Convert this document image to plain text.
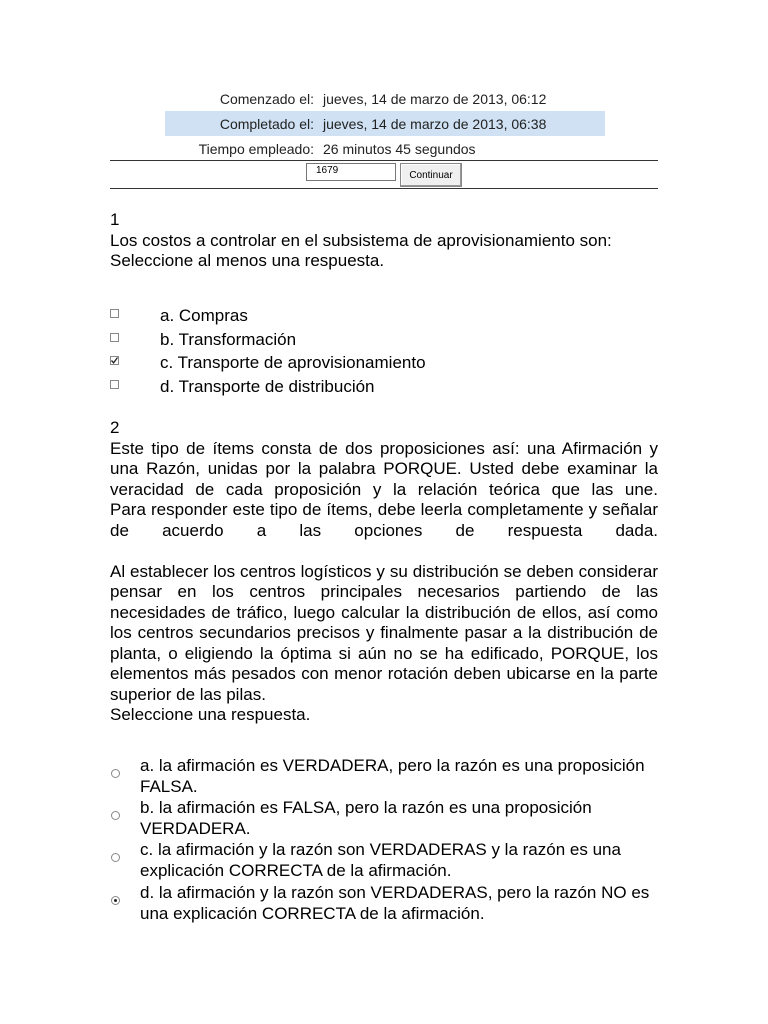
Comenzado el: jueves, 14 de marzo de 2013, 06:12
Completado el: jueves, 14 de marzo de 2013, 06:38
Tiempo empleado: 26 minutos 45 segundos
1679	Continuar
1
Los costos a controlar en el subsistema de aprovisionamiento son:
Seleccione al menos una respuesta.
a. Compras
b. Transformación
c. Transporte de aprovisionamiento
d. Transporte de distribución
2
Este tipo de ítems consta de dos proposiciones así: una Afirmación y una Razón, unidas por la palabra PORQUE. Usted debe examinar la veracidad de cada proposición y la relación teórica que las une.
Para responder este tipo de ítems, debe leerla completamente y señalar de acuerdo a las opciones de respuesta dada.
Al establecer los centros logísticos y su distribución se deben considerar pensar en los centros principales necesarios partiendo de las necesidades de tráfico, luego calcular la distribución de ellos, así como los centros secundarios precisos y finalmente pasar a la distribución de planta, o eligiendo la óptima si aún no se ha edificado, PORQUE, los elementos más pesados con menor rotación deben ubicarse en la parte superior de las pilas.
Seleccione una respuesta.
a. la afirmación es VERDADERA, pero la razón es una proposición FALSA.
b. la afirmación es FALSA, pero la razón es una proposición VERDADERA.
c. la afirmación y la razón son VERDADERAS y la razón es una explicación CORRECTA de la afirmación.
d. la afirmación y la razón son VERDADERAS, pero la razón NO es una explicación CORRECTA de la afirmación.
